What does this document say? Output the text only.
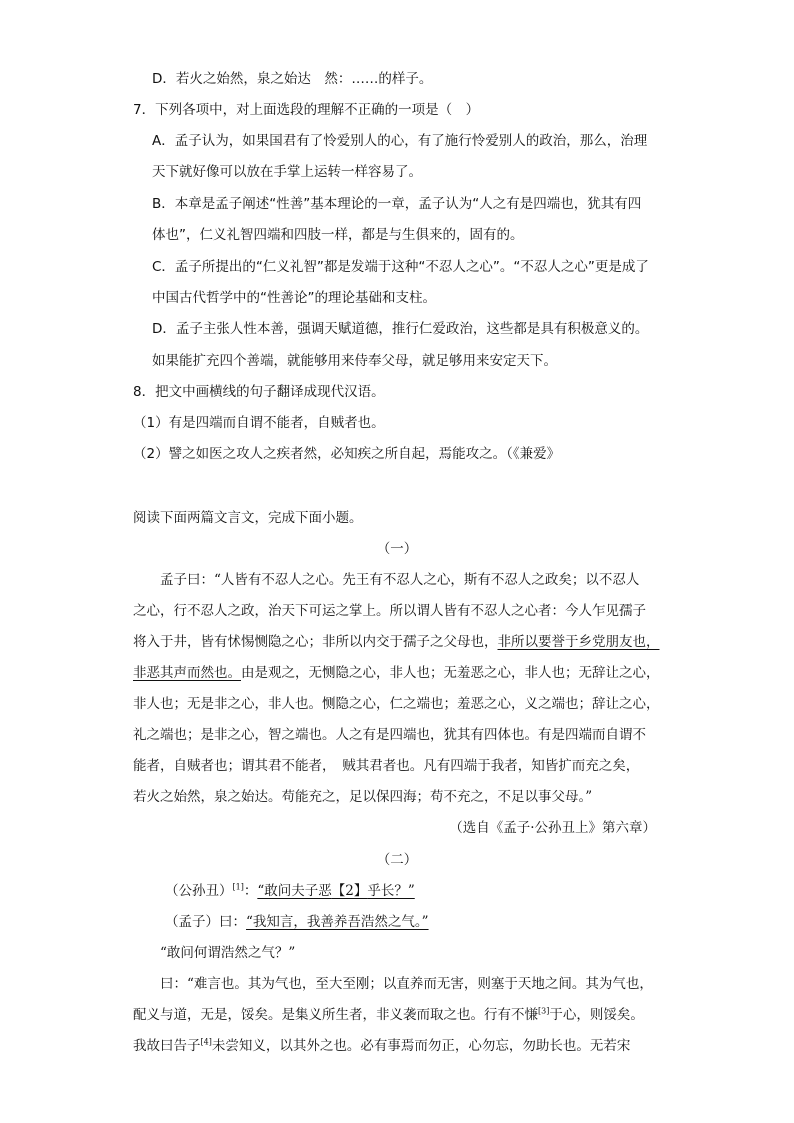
D．若火之始然，泉之始达　然：……的样子。
7．下列各项中，对上面选段的理解不正确的一项是（　）
A．孟子认为，如果国君有了怜爱别人的心，有了施行怜爱别人的政治，那么，治理
天下就好像可以放在手掌上运转一样容易了。
B．本章是孟子阐述“性善”基本理论的一章，孟子认为“人之有是四端也，犹其有四
体也”，仁义礼智四端和四肢一样，都是与生俱来的，固有的。
C．孟子所提出的“仁义礼智”都是发端于这种“不忍人之心”。“不忍人之心”更是成了
中国古代哲学中的“性善论”的理论基础和支柱。
D．孟子主张人性本善，强调天赋道德，推行仁爱政治，这些都是具有积极意义的。
如果能扩充四个善端，就能够用来侍奉父母，就足够用来安定天下。
8．把文中画横线的句子翻译成现代汉语。
（1）有是四端而自谓不能者，自贼者也。
（2）譬之如医之攻人之疾者然，必知疾之所自起，焉能攻之。（《兼爱》
阅读下面两篇文言文，完成下面小题。
（一）
孟子曰：“人皆有不忍人之心。先王有不忍人之心，斯有不忍人之政矣；以不忍人
之心，行不忍人之政，治天下可运之掌上。所以谓人皆有不忍人之心者：今人乍见孺子
将入于井，皆有怵惕恻隐之心；非所以内交于孺子之父母也，非所以要誉于乡党朋友也，
非恶其声而然也。由是观之，无恻隐之心，非人也；无羞恶之心，非人也；无辞让之心，
非人也；无是非之心，非人也。恻隐之心，仁之端也；羞恶之心，义之端也；辞让之心，
礼之端也；是非之心，智之端也。人之有是四端也，犹其有四体也。有是四端而自谓不
能者，自贼者也；谓其君不能者，　贼其君者也。凡有四端于我者，知皆扩而充之矣，
若火之始然，泉之始达。苟能充之，足以保四海；苟不充之，不足以事父母。”
（选自《孟子·公孙丑上》第六章）
（二）
（公孙丑）[1]：“敢问夫子恶【2】乎长？”
（孟子）曰：“我知言，我善养吾浩然之气。”
“敢问何谓浩然之气？”
曰：“难言也。其为气也，至大至刚；以直养而无害，则塞于天地之间。其为气也，
配义与道，无是，馁矣。是集义所生者，非义袭而取之也。行有不慊[3]于心，则馁矣。
我故曰告子[4]未尝知义，以其外之也。必有事焉而勿正，心勿忘，勿助长也。无若宋
